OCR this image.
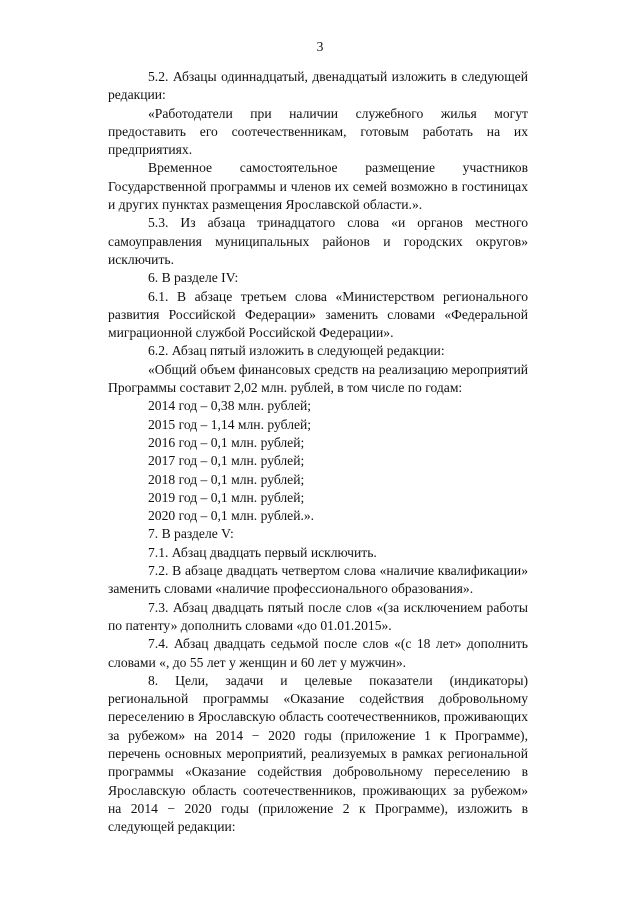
3

5.2. Абзацы одиннадцатый, двенадцатый изложить в следующей редакции:

«Работодатели при наличии служебного жилья могут предоставить его соотечественникам, готовым работать на их предприятиях.

Временное самостоятельное размещение участников Государственной программы и членов их семей возможно в гостиницах и других пунктах размещения Ярославской области.».

5.3. Из абзаца тринадцатого слова «и органов местного самоуправления муниципальных районов и городских округов» исключить.

6. В разделе IV:

6.1. В абзаце третьем слова «Министерством регионального развития Российской Федерации» заменить словами «Федеральной миграционной службой Российской Федерации».

6.2. Абзац пятый изложить в следующей редакции:

«Общий объем финансовых средств на реализацию мероприятий Программы составит 2,02 млн. рублей, в том числе по годам:

2014 год – 0,38 млн. рублей;

2015 год – 1,14 млн. рублей;

2016 год – 0,1 млн. рублей;

2017 год – 0,1 млн. рублей;

2018 год – 0,1 млн. рублей;

2019 год – 0,1 млн. рублей;

2020 год – 0,1 млн. рублей.».

7. В разделе V:

7.1. Абзац двадцать первый исключить.

7.2. В абзаце двадцать четвертом слова «наличие квалификации» заменить словами «наличие профессионального образования».

7.3. Абзац двадцать пятый после слов «(за исключением работы по патенту» дополнить словами «до 01.01.2015».

7.4. Абзац двадцать седьмой после слов «(с 18 лет» дополнить словами «, до 55 лет у женщин и 60 лет у мужчин».

8. Цели, задачи и целевые показатели (индикаторы) региональной программы «Оказание содействия добровольному переселению в Ярославскую область соотечественников, проживающих за рубежом» на 2014 − 2020 годы (приложение 1 к Программе), перечень основных мероприятий, реализуемых в рамках региональной программы «Оказание содействия добровольному переселению в Ярославскую область соотечественников, проживающих за рубежом» на 2014 − 2020 годы (приложение 2 к Программе), изложить в следующей редакции:
